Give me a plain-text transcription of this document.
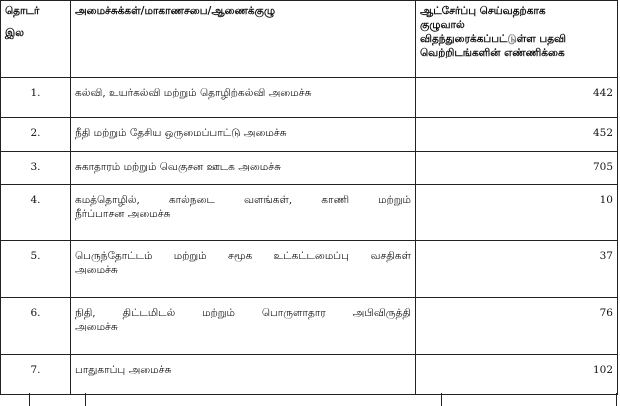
தொடர்
இல	அமைச்சுக்கள்/மாகாணசபை/ஆணைக்குழு	ஆட்சேர்ப்பு செய்வதற்காக
குழுவால்
விதந்துரைக்கப்பட்டுள்ள பதவி
வெற்றிடங்களின் எண்ணிக்கை

1.	கல்வி, உயர்கல்வி மற்றும் தொழிற்கல்வி அமைச்சு	442
2.	நீதி மற்றும் தேசிய ஒருமைப்பாட்டு அமைச்சு	452
3.	சுகாதாரம் மற்றும் வெகுசன ஊடக அமைச்சு	705
4.	கமத்தொழில், கால்நடை வளங்கள், காணி மற்றும்
நீர்ப்பாசன அமைச்சு	10
5.	பெருந்தோட்டம் மற்றும் சமூக உட்கட்டமைப்பு வசதிகள்
அமைச்சு	37
6.	நிதி, திட்டமிடல் மற்றும் பொருளாதார அபிவிருத்தி
அமைச்சு	76
7.	பாதுகாப்பு அமைச்சு	102
